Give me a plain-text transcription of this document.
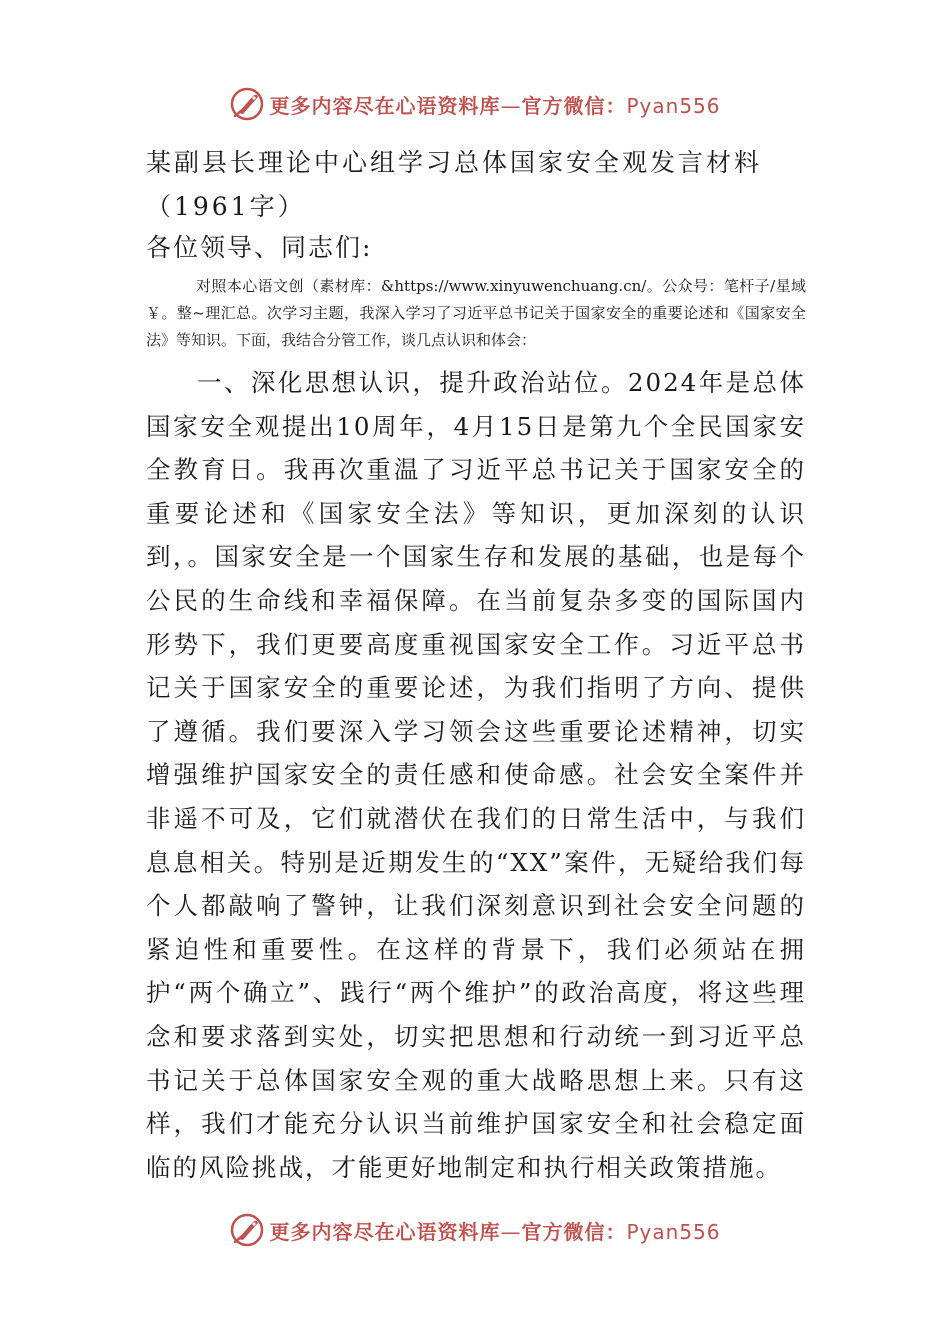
更多内容尽在心语资料库—官方微信：Pyan556
某副县长理论中心组学习总体国家安全观发言材料（1961字）

各位领导、同志们:

对照本心语文创（素材库：&https://www.xinyuwenchuang.cn/。公众号：笔杆子/星域￥。整~理汇总。次学习主题，我深入学习了习近平总书记关于国家安全的重要论述和《国家安全法》等知识。下面，我结合分管工作，谈几点认识和体会：

一、深化思想认识，提升政治站位。2024年是总体国家安全观提出10周年，4月15日是第九个全民国家安全教育日。我再次重温了习近平总书记关于国家安全的重要论述和《国家安全法》等知识，更加深刻的认识到，。国家安全是一个国家生存和发展的基础，也是每个公民的生命线和幸福保障。在当前复杂多变的国际国内形势下，我们更要高度重视国家安全工作。习近平总书记关于国家安全的重要论述，为我们指明了方向、提供了遵循。我们要深入学习领会这些重要论述精神，切实增强维护国家安全的责任感和使命感。社会安全案件并非遥不可及，它们就潜伏在我们的日常生活中，与我们息息相关。特别是近期发生的“XX”案件，无疑给我们每个人都敲响了警钟，让我们深刻意识到社会安全问题的紧迫性和重要性。在这样的背景下，我们必须站在拥护“两个确立”、践行“两个维护”的政治高度，将这些理念和要求落到实处，切实把思想和行动统一到习近平总书记关于总体国家安全观的重大战略思想上来。只有这样，我们才能充分认识当前维护国家安全和社会稳定面临的风险挑战，才能更好地制定和执行相关政策措施。

更多内容尽在心语资料库—官方微信：Pyan556
